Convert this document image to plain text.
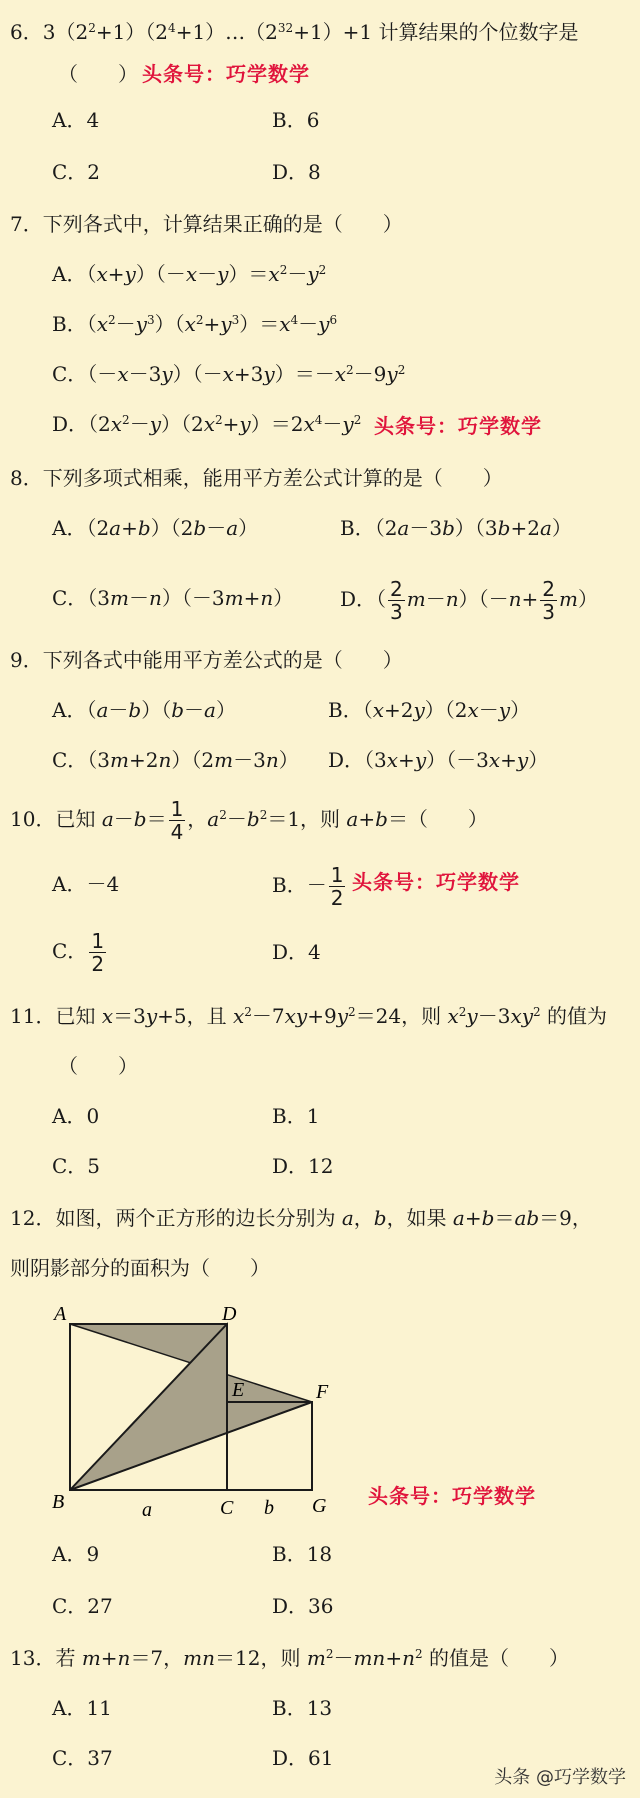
6．$3(2^2+1)(2^4+1)\dots(2^{32}+1)+1$ 计算结果的个位数字是
（　　） 头条号：巧学数学
A．4	B．6
C．2	D．8
7．下列各式中，计算结果正确的是（　　）
A．$(x+y)(-x-y)=x^2-y^2$
B．$(x^2-y^3)(x^2+y^3)=x^4-y^6$
C．$(-x-3y)(-x+3y)=-x^2-9y^2$
D．$(2x^2-y)(2x^2+y)=2x^4-y^2$ 头条号：巧学数学
8．下列多项式相乘，能用平方差公式计算的是（　　）
A．（2a+b）（2b－a）	B．（2a－3b）（3b+2a）
C．（3m－n）（－3m+n） D．（ $\frac{2}{3} m-n)(-n+ \frac{2}{3} m)$
9．下列各式中能用平方差公式的是（　　）
A．（a－b）（b－a）	B．（x+2y）（2x－y）
C．（3m+2n）（2m－3n） D．（3x+y）（－3x+y）
10．已知 $a-b= \frac{1}{4}$ ，$a^2-b^2=1$，则 a+b＝（　　）
A．－4	B．－ $\frac{1}{2}$ 头条号：巧学数学
C． $\frac{1}{2}$	D．4
11．已知 x＝3y+5，且 $x^2-7xy+9y^2=24$，则 $x^2y-3xy^2$ 的值为
（　　）
A．0	B．1
C．5	D．12
12．如图，两个正方形的边长分别为 a，b，如果 a+b＝ab＝9，
则阴影部分的面积为（　　）
A	D
E	F
B	C	G
a	b	头条号：巧学数学
A．9	B．18
C．27	D．36
13．若 m+n＝7，mn＝12，则 $m^2-mn+n^2$ 的值是（　　）
A．11	B．13
C．37	D．61
头条 @巧学数学
